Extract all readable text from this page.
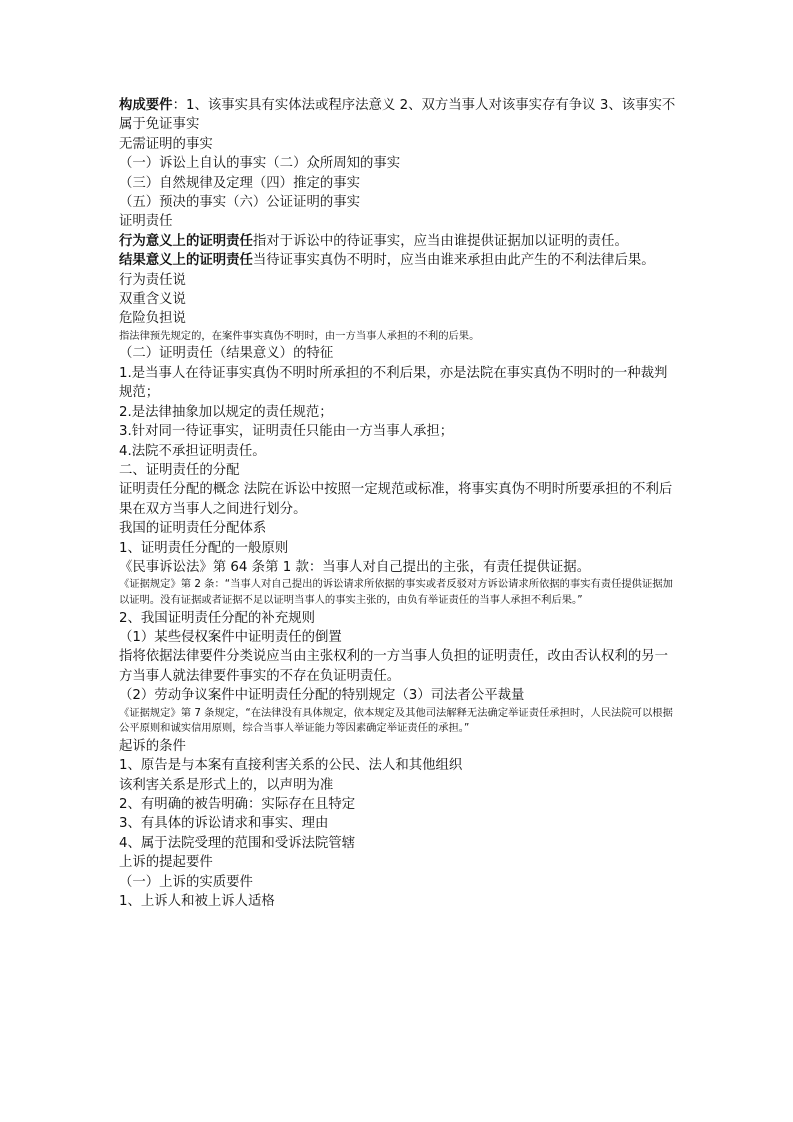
构成要件：1、该事实具有实体法或程序法意义 2、双方当事人对该事实存有争议 3、该事实不属于免证事实

无需证明的事实

（一）诉讼上自认的事实（二）众所周知的事实

（三）自然规律及定理（四）推定的事实

（五）预决的事实（六）公证证明的事实

证明责任

行为意义上的证明责任指对于诉讼中的待证事实，应当由谁提供证据加以证明的责任。

结果意义上的证明责任当待证事实真伪不明时，应当由谁来承担由此产生的不利法律后果。

行为责任说

双重含义说

危险负担说

指法律预先规定的，在案件事实真伪不明时，由一方当事人承担的不利的后果。

（二）证明责任（结果意义）的特征

1.是当事人在待证事实真伪不明时所承担的不利后果，亦是法院在事实真伪不明时的一种裁判规范；

2.是法律抽象加以规定的责任规范；

3.针对同一待证事实，证明责任只能由一方当事人承担；

4.法院不承担证明责任。

二、证明责任的分配

证明责任分配的概念 法院在诉讼中按照一定规范或标准，将事实真伪不明时所要承担的不利后果在双方当事人之间进行划分。

我国的证明责任分配体系

1、证明责任分配的一般原则

《民事诉讼法》第 64 条第 1 款：当事人对自己提出的主张，有责任提供证据。

《证据规定》第 2 条：“当事人对自己提出的诉讼请求所依据的事实或者反驳对方诉讼请求所依据的事实有责任提供证据加以证明。没有证据或者证据不足以证明当事人的事实主张的，由负有举证责任的当事人承担不利后果。”

2、我国证明责任分配的补充规则

（1）某些侵权案件中证明责任的倒置

指将依据法律要件分类说应当由主张权利的一方当事人负担的证明责任，改由否认权利的另一方当事人就法律要件事实的不存在负证明责任。

（2）劳动争议案件中证明责任分配的特别规定（3）司法者公平裁量

《证据规定》第 7 条规定，“在法律没有具体规定，依本规定及其他司法解释无法确定举证责任承担时，人民法院可以根据公平原则和诚实信用原则，综合当事人举证能力等因素确定举证责任的承担。”

起诉的条件

1、原告是与本案有直接利害关系的公民、法人和其他组织

该利害关系是形式上的，以声明为准

2、有明确的被告明确：实际存在且特定

3、有具体的诉讼请求和事实、理由

4、属于法院受理的范围和受诉法院管辖

上诉的提起要件

（一）上诉的实质要件

1、上诉人和被上诉人适格
